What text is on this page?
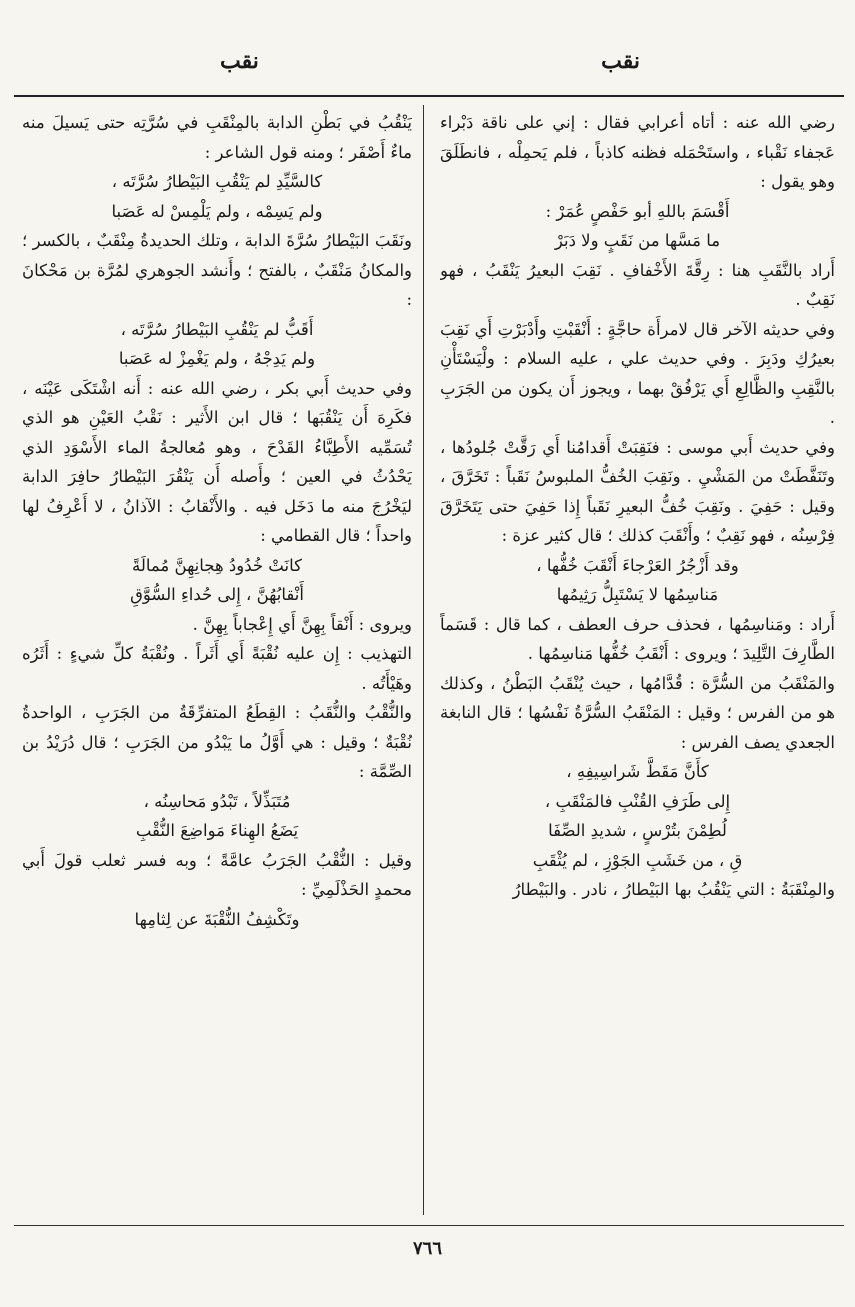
نقب
نقب

رضي الله عنه : أتاه أعرابي فقال : إني على ناقة دَبْراء عَجفاء نَقْباء ، واستَحْمَله فظنه كاذباً ، فلم يَحمِلْه ، فانطَلَقَ وهو يقول :

أَقْسَمَ باللهِ أبو حَفْصٍ عُمَرْ :

ما مَسَّها من نَقَبٍ ولا دَبَرْ

أَراد بالنَّقَبِ هنا : رِقَّةَ الأَخْفافِ . نَقِبَ البعيرُ يَنْقَبُ ، فهو نَقِبٌ .

وفي حديثه الآخر قال لامرأَة حاجَّةٍ : أَنْقَبْتِ وأَدْبَرْتِ أَي نَقِبَ بعيرُكِ ودَبِرَ . وفي حديث علي ، عليه السلام : ولْيَسْتَأْنِ بالنَّقِبِ والظَّالِعِ أَي يَرْفُقْ بهما ، ويجوز أَن يكون من الجَرَبِ .

وفي حديث أَبي موسى : فنَقِبَتْ أَقدامُنا أَي رَقَّتْ جُلودُها ، وتَنَفَّطَتْ من المَشْيِ . ونَقِبَ الخُفُّ الملبوسُ نَقَباً : تَخَرَّقَ ، وقيل : حَفِيَ . ونَقِبَ خُفُّ البعيرِ نَقَباً إِذا حَفِيَ حتى يَتَخَرَّقَ فِرْسِنُه ، فهو نَقِبٌ ؛ وأَنْقَبَ كذلك ؛ قال كثير عزة :

وقد أَزْجُرُ العَرْجاءَ أَنْقَبَ خُفُّها ،

مَناسِمُها لا يَسْتَبِلُّ رَثِيمُها

أَراد : ومَناسِمُها ، فحذف حرف العطف ، كما قال : قَسَماً الطَّارِفَ التَّلِيدَ ؛ ويروى : أَنْقَبُ خُفُّها مَناسِمُها .

والمَنْقَبُ من السُّرَّة : قُدَّامُها ، حيث يُنْقَبُ البَطْنُ ، وكذلك هو من الفرس ؛ وقيل : المَنْقَبُ السُّرَّةُ نَفْسُها ؛ قال النابغة الجعدي يصف الفرس :

كأَنَّ مَقَطَّ شَراسِيفِهِ ،

إِلى طَرَفِ القُنْبِ فالمَنْقَبِ ،

لُطِمْنَ بتُرْسٍ ، شديدِ الصِّفَا

قِ ، من خَشَبِ الجَوْزِ ، لم يُثْقَبِ

والمِنْقَبَةُ : التي يَنْقُبُ بها البَيْطارُ ، نادر . والبَيْطارُ

يَنْقُبُ في بَطْنِ الدابة بالمِنْقَبِ في سُرَّتِه حتى يَسيلَ منه ماءٌ أَصْفَر ؛ ومنه قول الشاعر :

كالسَّيِّدِ لم يَنْقُبِ البَيْطارُ سُرَّتَه ،

ولم يَسِمْه ، ولم يَلْمِسْ له عَصَبا

ونَقَبَ البَيْطارُ سُرَّةَ الدابة ، وتلك الحديدةُ مِنْقَبٌ ، بالكسر ؛ والمكانُ مَنْقَبٌ ، بالفتح ؛ وأَنشد الجوهري لمُرَّة بن مَحْكانَ :

أَقَبُّ لم يَنْقُبِ البَيْطارُ سُرَّتَه ،

ولم يَدِجْهُ ، ولم يَغْمِزْ له عَصَبا

وفي حديث أَبي بكر ، رضي الله عنه : أَنه اشْتَكَى عَيْنَه ، فكَرِهَ أَن يَنْقُبَها ؛ قال ابن الأَثير : نَقْبُ العَيْنِ هو الذي تُسَمِّيه الأَطِبَّاءُ القَدْحَ ، وهو مُعالجةُ الماء الأَسْوَدِ الذي يَحْدُثُ في العين ؛ وأَصله أَن يَنْقُرَ البَيْطارُ حافِرَ الدابة ليَخْرُجَ منه ما دَخَل فيه . والأَنْقابُ : الآذانُ ، لا أَعْرِفُ لها واحداً ؛ قال القطامي :

كانَتْ خُدُودُ هِجانِهِنَّ مُمالَةً

أَنْقابُهُنَّ ، إِلى حُداءِ السُّوَّقِ

ويروى : أَنْقاً بِهِنَّ أَي إِعْجاباً بِهِنَّ .

التهذيب : إِن عليه نُقْبَةً أَي أَثَراً . ونُقْبَةُ كلِّ شيءٍ : أَثَرُه وهَيْأَتُه .

والنُّقْبُ والنُّقَبُ : القِطَعُ المتفرِّقَةُ من الجَرَبِ ، الواحدةُ نُقْبَةٌ ؛ وقيل : هي أَوَّلُ ما يَبْدُو من الجَرَبِ ؛ قال دُرَيْدُ بن الصِّمَّة :

مُتَبَذِّلاً ، تَبْدُو مَحاسِنُه ،

يَضَعُ الهِناءَ مَواضِعَ النُّقْبِ

وقيل : النُّقْبُ الجَرَبُ عامَّةً ؛ وبه فسر ثعلب قولَ أَبي محمدٍ الحَذْلَمِيِّ :

وتَكْشِفُ النُّقْبَةَ عن لِثامِها

٧٦٦
